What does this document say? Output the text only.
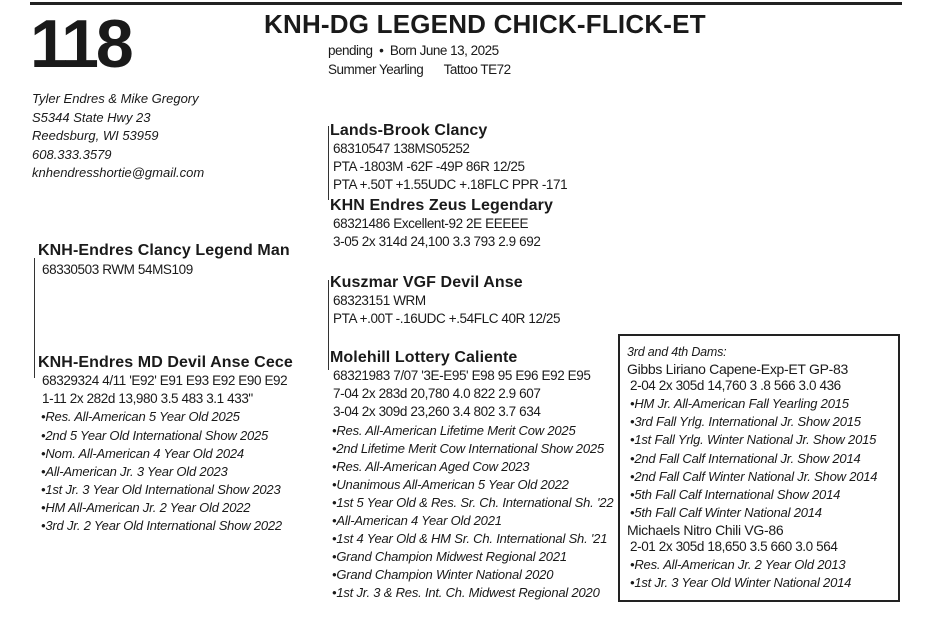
118	KNH-DG LEGEND CHICK-FLICK-ET
pending  •  Born June 13, 2025
Summer Yearling Tattoo TE72
Tyler Endres & Mike Gregory
S5344 State Hwy 23
Reedsburg, WI 53959
608.333.3579
knhendresshortie@gmail.com
KNH-Endres Clancy Legend Man
68330503 RWM 54MS109
KNH-Endres MD Devil Anse Cece
68329324 4/11 'E92' E91 E93 E92 E90 E92
1-11 2x 282d 13,980 3.5 483 3.1 433"
•Res. All-American 5 Year Old 2025
•2nd 5 Year Old International Show 2025
•Nom. All-American 4 Year Old 2024
•All-American Jr. 3 Year Old 2023
•1st Jr. 3 Year Old International Show 2023
•HM All-American Jr. 2 Year Old 2022
•3rd Jr. 2 Year Old International Show 2022
Lands-Brook Clancy
68310547 138MS05252
PTA -1803M -62F -49P 86R 12/25
PTA +.50T +1.55UDC +.18FLC PPR -171
KHN Endres Zeus Legendary
68321486 Excellent-92 2E EEEEE
3-05 2x 314d 24,100 3.3 793 2.9 692
Kuszmar VGF Devil Anse
68323151 WRM
PTA +.00T -.16UDC +.54FLC 40R 12/25
Molehill Lottery Caliente
68321983 7/07 '3E-E95' E98 95 E96 E92 E95
7-04 2x 283d 20,780 4.0 822 2.9 607
3-04 2x 309d 23,260 3.4 802 3.7 634
•Res. All-American Lifetime Merit Cow 2025
•2nd Lifetime Merit Cow International Show 2025
•Res. All-American Aged Cow 2023
•Unanimous All-American 5 Year Old 2022
•1st 5 Year Old & Res. Sr. Ch. International Sh. '22
•All-American 4 Year Old 2021
•1st 4 Year Old & HM Sr. Ch. International Sh. '21
•Grand Champion Midwest Regional 2021
•Grand Champion Winter National 2020
•1st Jr. 3 & Res. Int. Ch. Midwest Regional 2020
3rd and 4th Dams:
Gibbs Liriano Capene-Exp-ET GP-83
2-04 2x 305d 14,760 3 .8 566 3.0 436
•HM Jr. All-American Fall Yearling 2015
•3rd Fall Yrlg. International Jr. Show 2015
•1st Fall Yrlg. Winter National Jr. Show 2015
•2nd Fall Calf International Jr. Show 2014
•2nd Fall Calf Winter National Jr. Show 2014
•5th Fall Calf International Show 2014
•5th Fall Calf Winter National 2014
Michaels Nitro Chili VG-86
2-01 2x 305d 18,650 3.5 660 3.0 564
•Res. All-American Jr. 2 Year Old 2013
•1st Jr. 3 Year Old Winter National 2014
